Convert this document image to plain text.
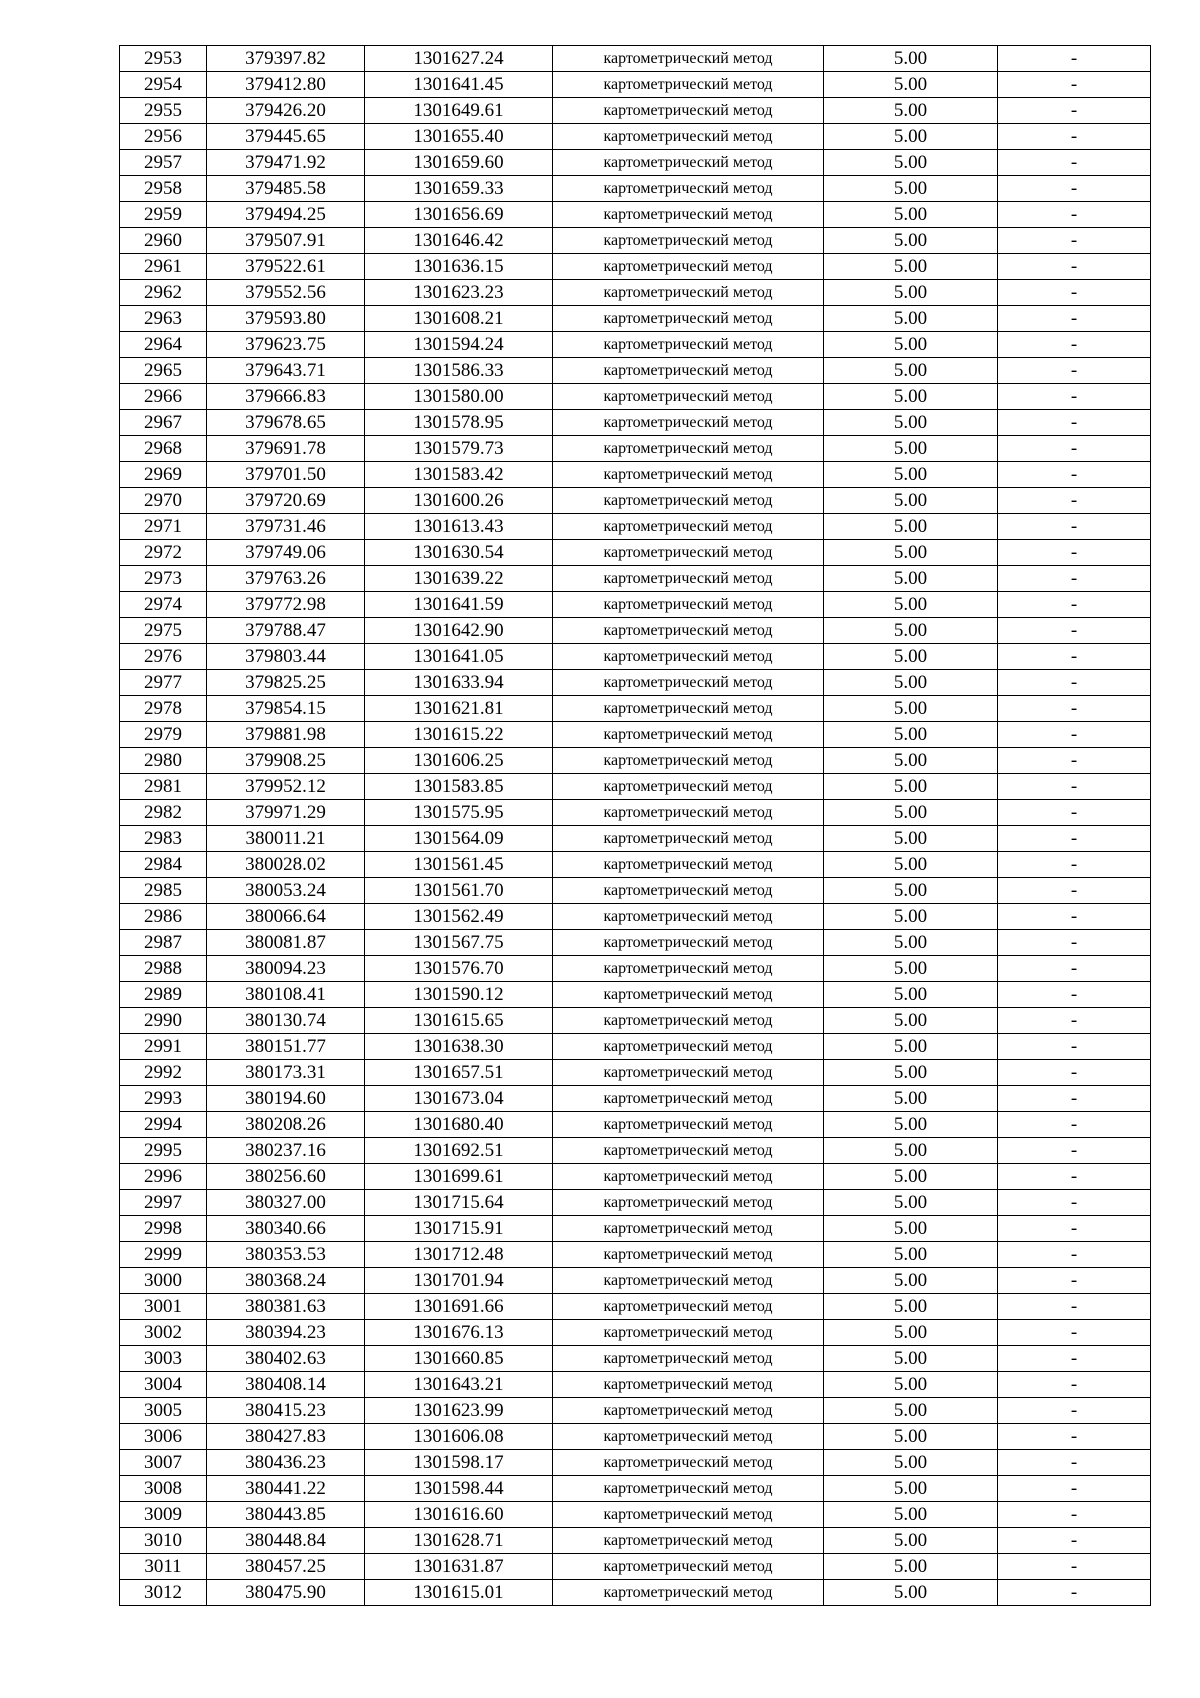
2953	379397.82	1301627.24	картометрический метод	5.00	-
2954	379412.80	1301641.45	картометрический метод	5.00	-
2955	379426.20	1301649.61	картометрический метод	5.00	-
2956	379445.65	1301655.40	картометрический метод	5.00	-
2957	379471.92	1301659.60	картометрический метод	5.00	-
2958	379485.58	1301659.33	картометрический метод	5.00	-
2959	379494.25	1301656.69	картометрический метод	5.00	-
2960	379507.91	1301646.42	картометрический метод	5.00	-
2961	379522.61	1301636.15	картометрический метод	5.00	-
2962	379552.56	1301623.23	картометрический метод	5.00	-
2963	379593.80	1301608.21	картометрический метод	5.00	-
2964	379623.75	1301594.24	картометрический метод	5.00	-
2965	379643.71	1301586.33	картометрический метод	5.00	-
2966	379666.83	1301580.00	картометрический метод	5.00	-
2967	379678.65	1301578.95	картометрический метод	5.00	-
2968	379691.78	1301579.73	картометрический метод	5.00	-
2969	379701.50	1301583.42	картометрический метод	5.00	-
2970	379720.69	1301600.26	картометрический метод	5.00	-
2971	379731.46	1301613.43	картометрический метод	5.00	-
2972	379749.06	1301630.54	картометрический метод	5.00	-
2973	379763.26	1301639.22	картометрический метод	5.00	-
2974	379772.98	1301641.59	картометрический метод	5.00	-
2975	379788.47	1301642.90	картометрический метод	5.00	-
2976	379803.44	1301641.05	картометрический метод	5.00	-
2977	379825.25	1301633.94	картометрический метод	5.00	-
2978	379854.15	1301621.81	картометрический метод	5.00	-
2979	379881.98	1301615.22	картометрический метод	5.00	-
2980	379908.25	1301606.25	картометрический метод	5.00	-
2981	379952.12	1301583.85	картометрический метод	5.00	-
2982	379971.29	1301575.95	картометрический метод	5.00	-
2983	380011.21	1301564.09	картометрический метод	5.00	-
2984	380028.02	1301561.45	картометрический метод	5.00	-
2985	380053.24	1301561.70	картометрический метод	5.00	-
2986	380066.64	1301562.49	картометрический метод	5.00	-
2987	380081.87	1301567.75	картометрический метод	5.00	-
2988	380094.23	1301576.70	картометрический метод	5.00	-
2989	380108.41	1301590.12	картометрический метод	5.00	-
2990	380130.74	1301615.65	картометрический метод	5.00	-
2991	380151.77	1301638.30	картометрический метод	5.00	-
2992	380173.31	1301657.51	картометрический метод	5.00	-
2993	380194.60	1301673.04	картометрический метод	5.00	-
2994	380208.26	1301680.40	картометрический метод	5.00	-
2995	380237.16	1301692.51	картометрический метод	5.00	-
2996	380256.60	1301699.61	картометрический метод	5.00	-
2997	380327.00	1301715.64	картометрический метод	5.00	-
2998	380340.66	1301715.91	картометрический метод	5.00	-
2999	380353.53	1301712.48	картометрический метод	5.00	-
3000	380368.24	1301701.94	картометрический метод	5.00	-
3001	380381.63	1301691.66	картометрический метод	5.00	-
3002	380394.23	1301676.13	картометрический метод	5.00	-
3003	380402.63	1301660.85	картометрический метод	5.00	-
3004	380408.14	1301643.21	картометрический метод	5.00	-
3005	380415.23	1301623.99	картометрический метод	5.00	-
3006	380427.83	1301606.08	картометрический метод	5.00	-
3007	380436.23	1301598.17	картометрический метод	5.00	-
3008	380441.22	1301598.44	картометрический метод	5.00	-
3009	380443.85	1301616.60	картометрический метод	5.00	-
3010	380448.84	1301628.71	картометрический метод	5.00	-
3011	380457.25	1301631.87	картометрический метод	5.00	-
3012	380475.90	1301615.01	картометрический метод	5.00	-
